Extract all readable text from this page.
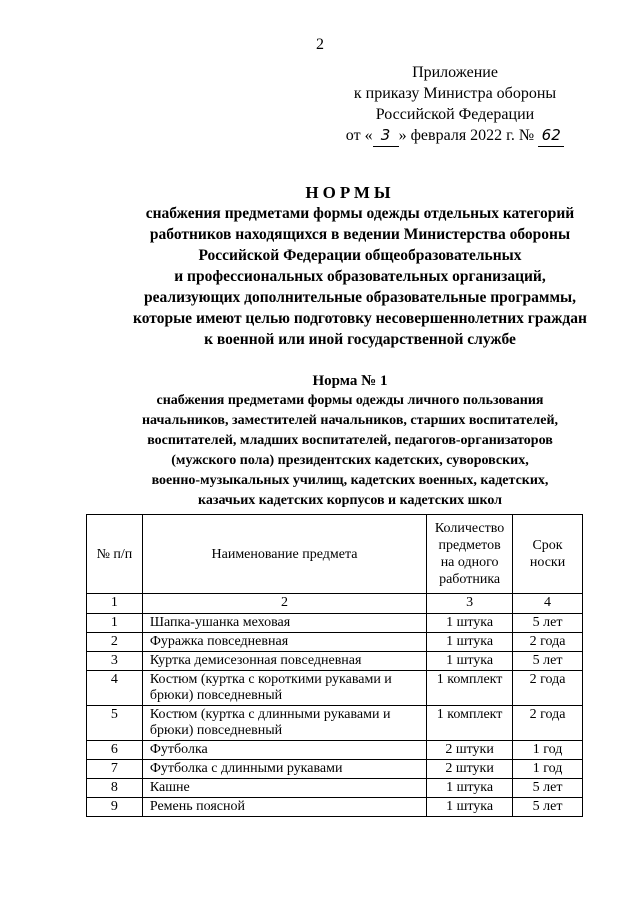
2
Приложение
к приказу Министра обороны
Российской Федерации
от « 3 » февраля 2022 г. № 62
НОРМЫ
снабжения предметами формы одежды отдельных категорий
работников находящихся в ведении Министерства обороны
Российской Федерации общеобразовательных
и профессиональных образовательных организаций,
реализующих дополнительные образовательные программы,
которые имеют целью подготовку несовершеннолетних граждан
к военной или иной государственной службе
Норма № 1
снабжения предметами формы одежды личного пользования
начальников, заместителей начальников, старших воспитателей,
воспитателей, младших воспитателей, педагогов-организаторов
(мужского пола) президентских кадетских, суворовских,
военно-музыкальных училищ, кадетских военных, кадетских,
казачьих кадетских корпусов и кадетских школ
№ п/п	Наименование предмета	Количество предметов на одного работника	Срок носки
1	2	3	4
1	Шапка-ушанка меховая	1 штука	5 лет
2	Фуражка повседневная	1 штука	2 года
3	Куртка демисезонная повседневная	1 штука	5 лет
4	Костюм (куртка с короткими рукавами и брюки) повседневный	1 комплект	2 года
5	Костюм (куртка с длинными рукавами и брюки) повседневный	1 комплект	2 года
6	Футболка	2 штуки	1 год
7	Футболка с длинными рукавами	2 штуки	1 год
8	Кашне	1 штука	5 лет
9	Ремень поясной	1 штука	5 лет
